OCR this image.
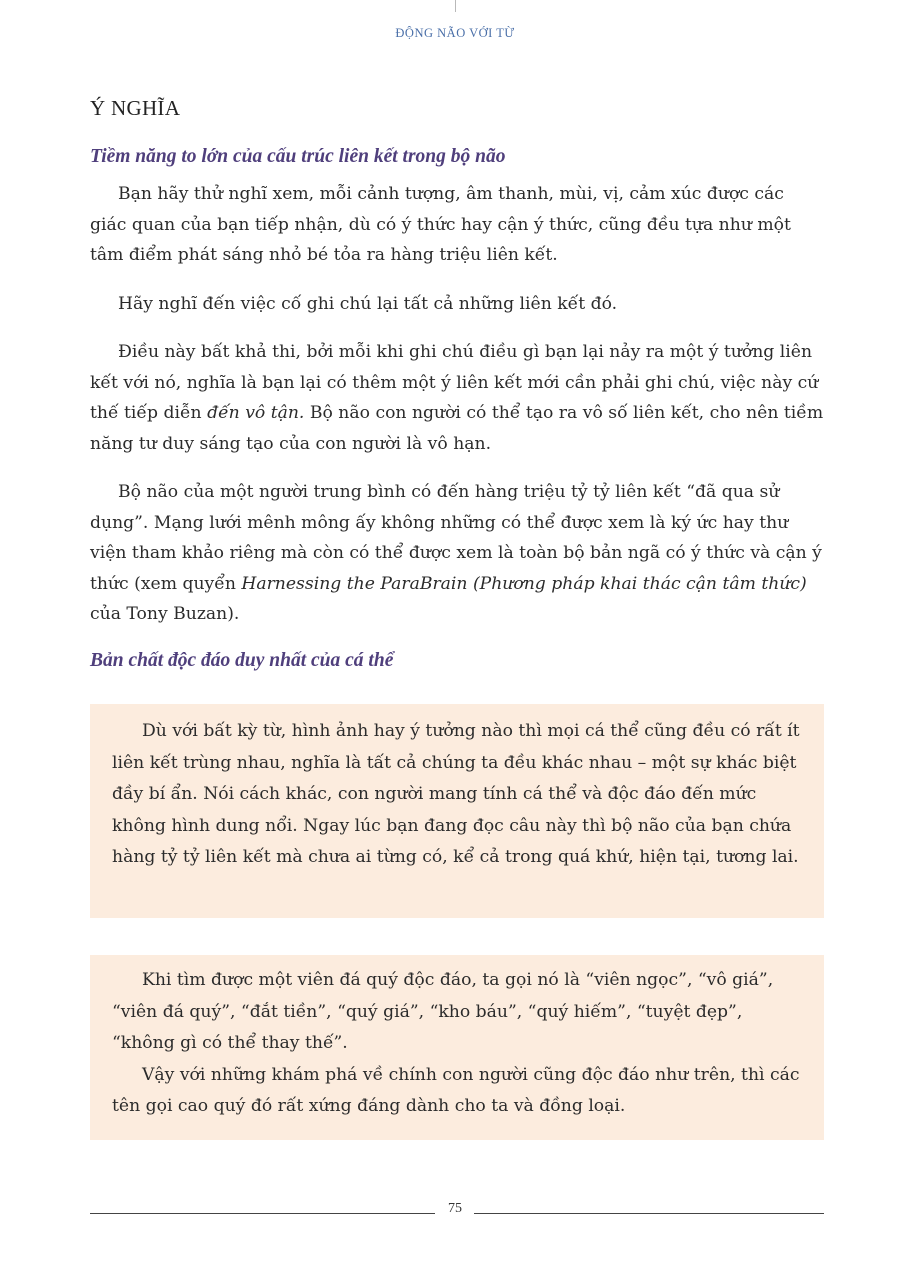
ĐỘNG NÃO VỚI TỪ
Ý NGHĨA
Tiềm năng to lớn của cấu trúc liên kết trong bộ não

Bạn hãy thử nghĩ xem, mỗi cảnh tượng, âm thanh, mùi, vị, cảm xúc được các giác quan của bạn tiếp nhận, dù có ý thức hay cận ý thức, cũng đều tựa như một tâm điểm phát sáng nhỏ bé tỏa ra hàng triệu liên kết.

Hãy nghĩ đến việc cố ghi chú lại tất cả những liên kết đó.

Điều này bất khả thi, bởi mỗi khi ghi chú điều gì bạn lại nảy ra một ý tưởng liên kết với nó, nghĩa là bạn lại có thêm một ý liên kết mới cần phải ghi chú, việc này cứ thế tiếp diễn đến vô tận. Bộ não con người có thể tạo ra vô số liên kết, cho nên tiềm năng tư duy sáng tạo của con người là vô hạn.

Bộ não của một người trung bình có đến hàng triệu tỷ tỷ liên kết “đã qua sử dụng”. Mạng lưới mênh mông ấy không những có thể được xem là ký ức hay thư viện tham khảo riêng mà còn có thể được xem là toàn bộ bản ngã có ý thức và cận ý thức (xem quyển Harnessing the ParaBrain (Phương pháp khai thác cận tâm thức) của Tony Buzan).

Bản chất độc đáo duy nhất của cá thể

Dù với bất kỳ từ, hình ảnh hay ý tưởng nào thì mọi cá thể cũng đều có rất ít liên kết trùng nhau, nghĩa là tất cả chúng ta đều khác nhau – một sự khác biệt đầy bí ẩn. Nói cách khác, con người mang tính cá thể và độc đáo đến mức không hình dung nổi. Ngay lúc bạn đang đọc câu này thì bộ não của bạn chứa hàng tỷ tỷ liên kết mà chưa ai từng có, kể cả trong quá khứ, hiện tại, tương lai.

Khi tìm được một viên đá quý độc đáo, ta gọi nó là “viên ngọc”, “vô giá”, “viên đá quý”, “đắt tiền”, “quý giá”, “kho báu”, “quý hiếm”, “tuyệt đẹp”, “không gì có thể thay thế”.

Vậy với những khám phá về chính con người cũng độc đáo như trên, thì các tên gọi cao quý đó rất xứng đáng dành cho ta và đồng loại.

75
